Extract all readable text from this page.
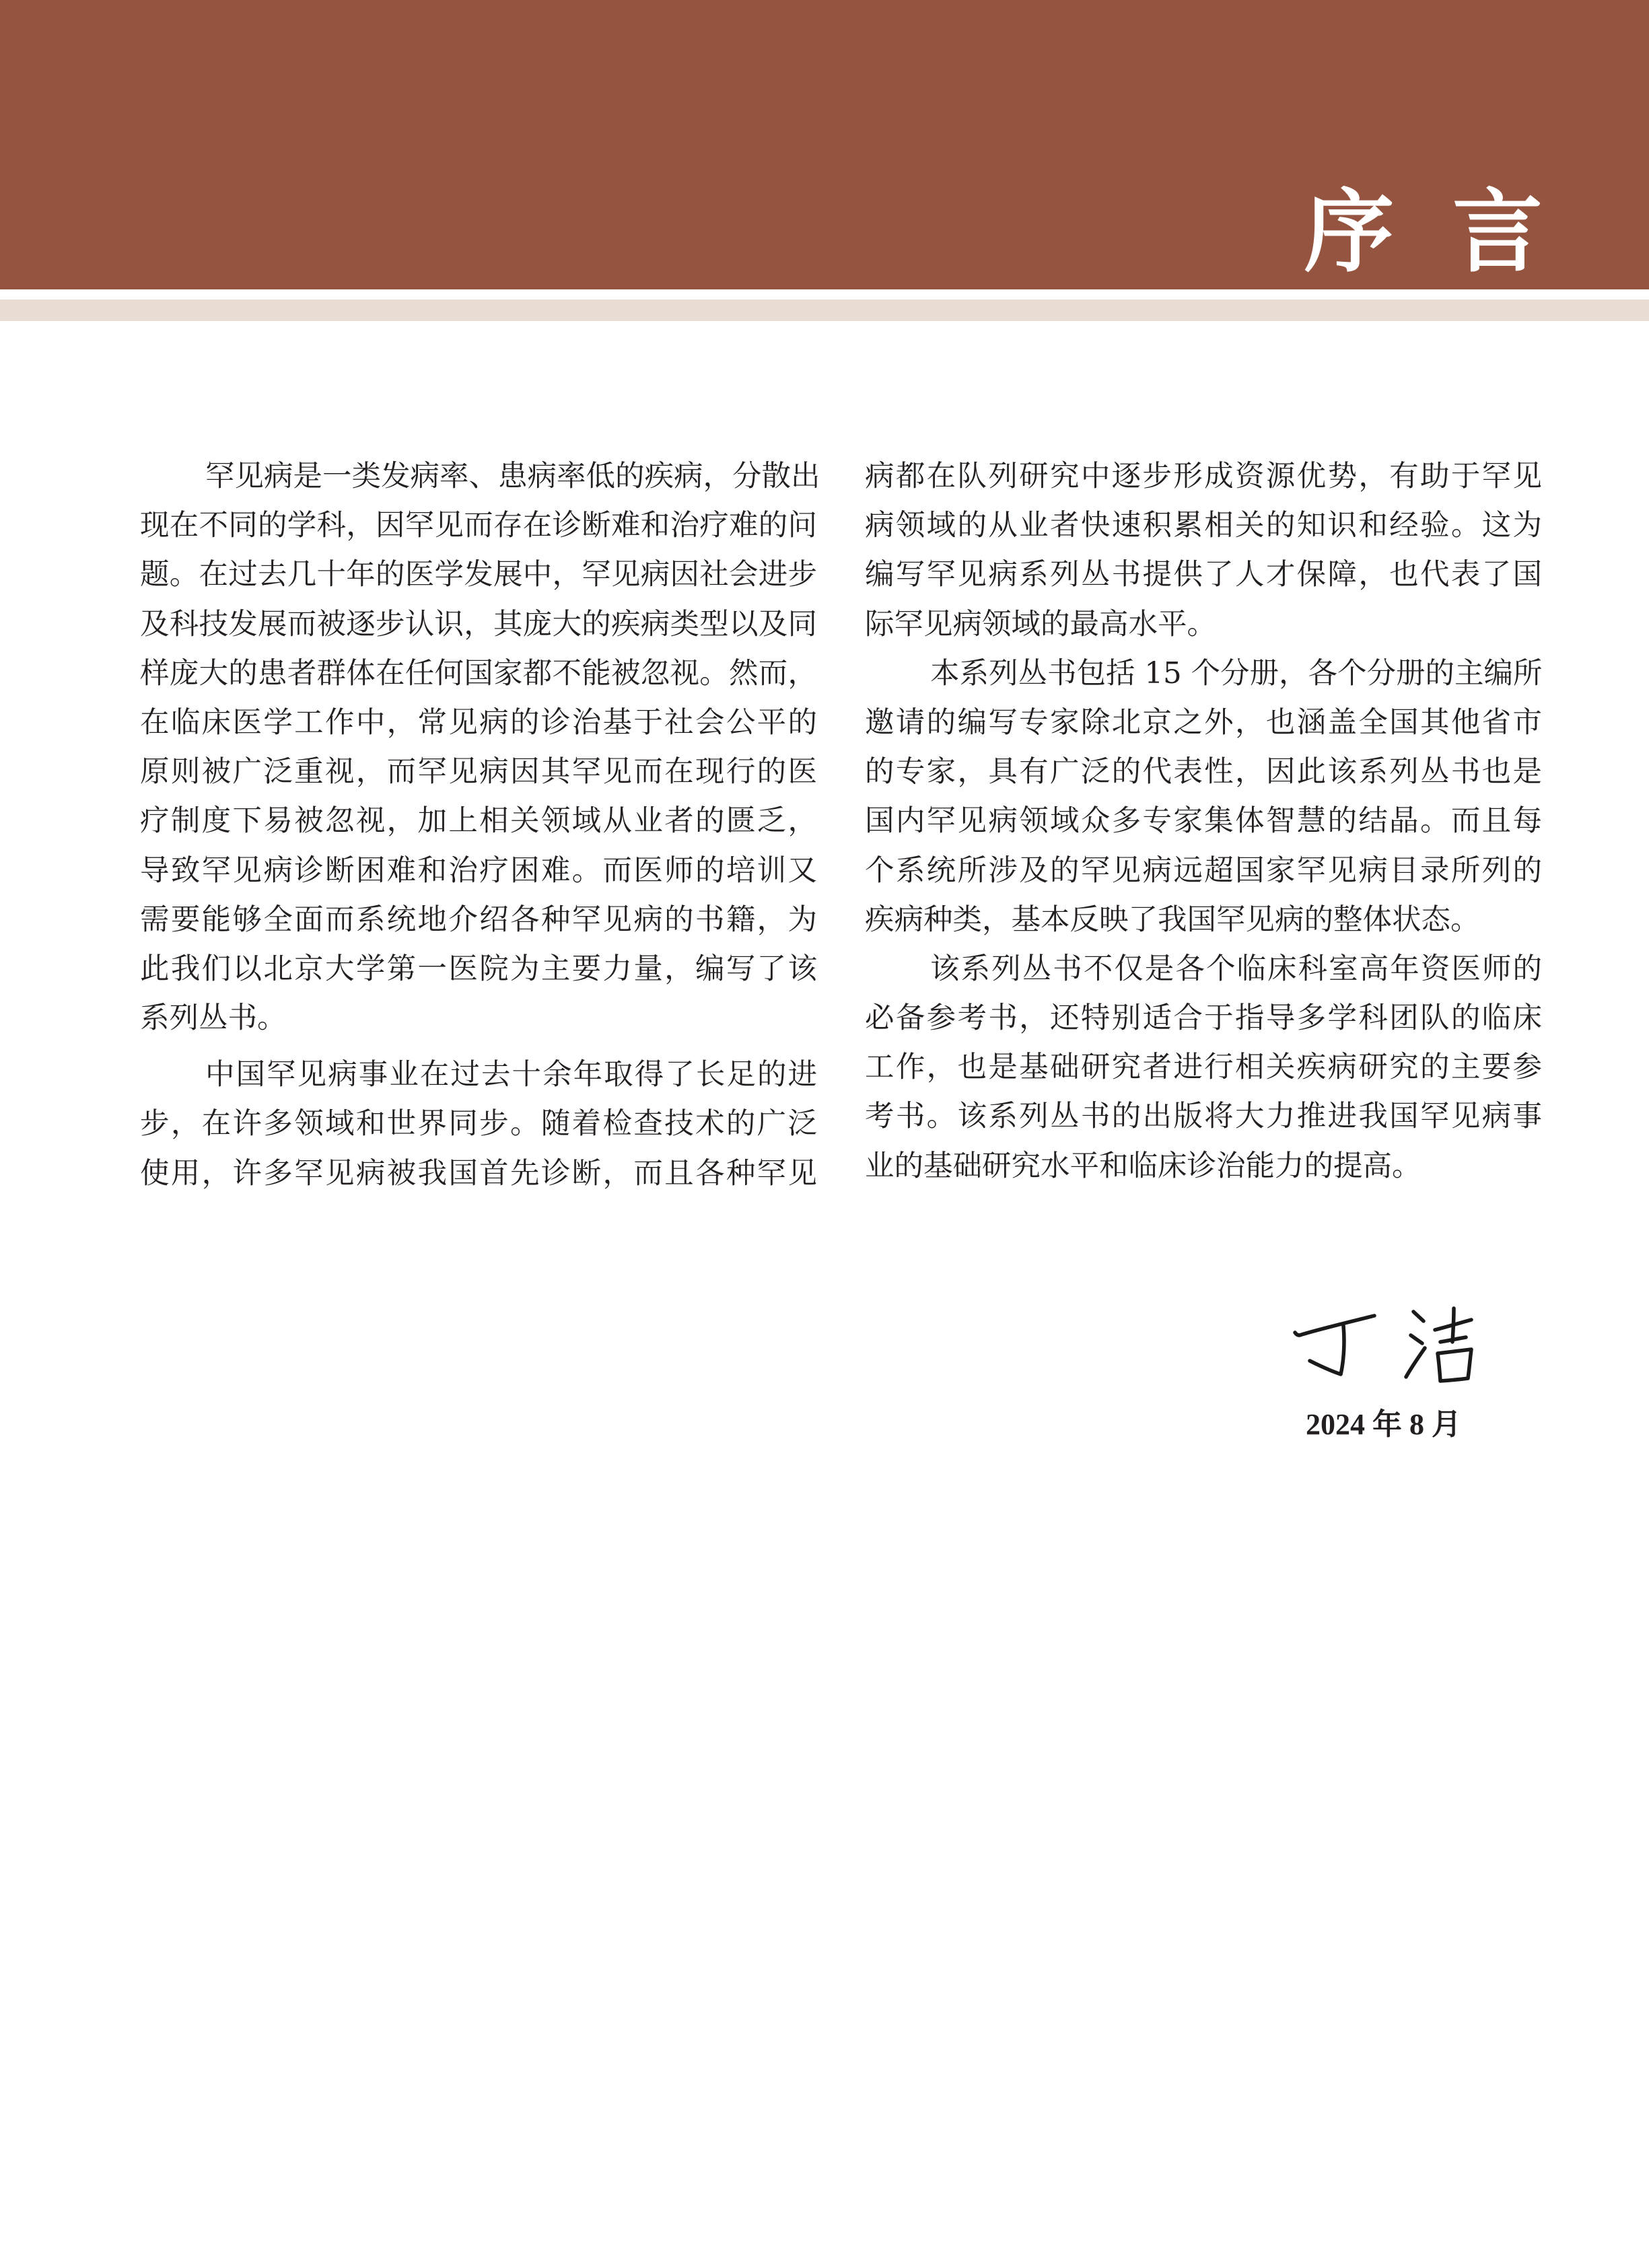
序 言
罕见病是一类发病率、患病率低的疾病，分散出
现在不同的学科，因罕见而存在诊断难和治疗难的问
题。在过去几十年的医学发展中，罕见病因社会进步
及科技发展而被逐步认识，其庞大的疾病类型以及同
样庞大的患者群体在任何国家都不能被忽视。然而，
在临床医学工作中，常见病的诊治基于社会公平的
原则被广泛重视，而罕见病因其罕见而在现行的医
疗制度下易被忽视，加上相关领域从业者的匮乏，
导致罕见病诊断困难和治疗困难。而医师的培训又
需要能够全面而系统地介绍各种罕见病的书籍，为
此我们以北京大学第一医院为主要力量，编写了该
系列丛书。
中国罕见病事业在过去十余年取得了长足的进
步，在许多领域和世界同步。随着检查技术的广泛
使用，许多罕见病被我国首先诊断，而且各种罕见
病都在队列研究中逐步形成资源优势，有助于罕见
病领域的从业者快速积累相关的知识和经验。这为
编写罕见病系列丛书提供了人才保障，也代表了国
际罕见病领域的最高水平。
本系列丛书包括 15 个分册，各个分册的主编所
邀请的编写专家除北京之外，也涵盖全国其他省市
的专家，具有广泛的代表性，因此该系列丛书也是
国内罕见病领域众多专家集体智慧的结晶。而且每
个系统所涉及的罕见病远超国家罕见病目录所列的
疾病种类，基本反映了我国罕见病的整体状态。
该系列丛书不仅是各个临床科室高年资医师的
必备参考书，还特别适合于指导多学科团队的临床
工作，也是基础研究者进行相关疾病研究的主要参
考书。该系列丛书的出版将大力推进我国罕见病事
业的基础研究水平和临床诊治能力的提高。
2024 年 8 月
